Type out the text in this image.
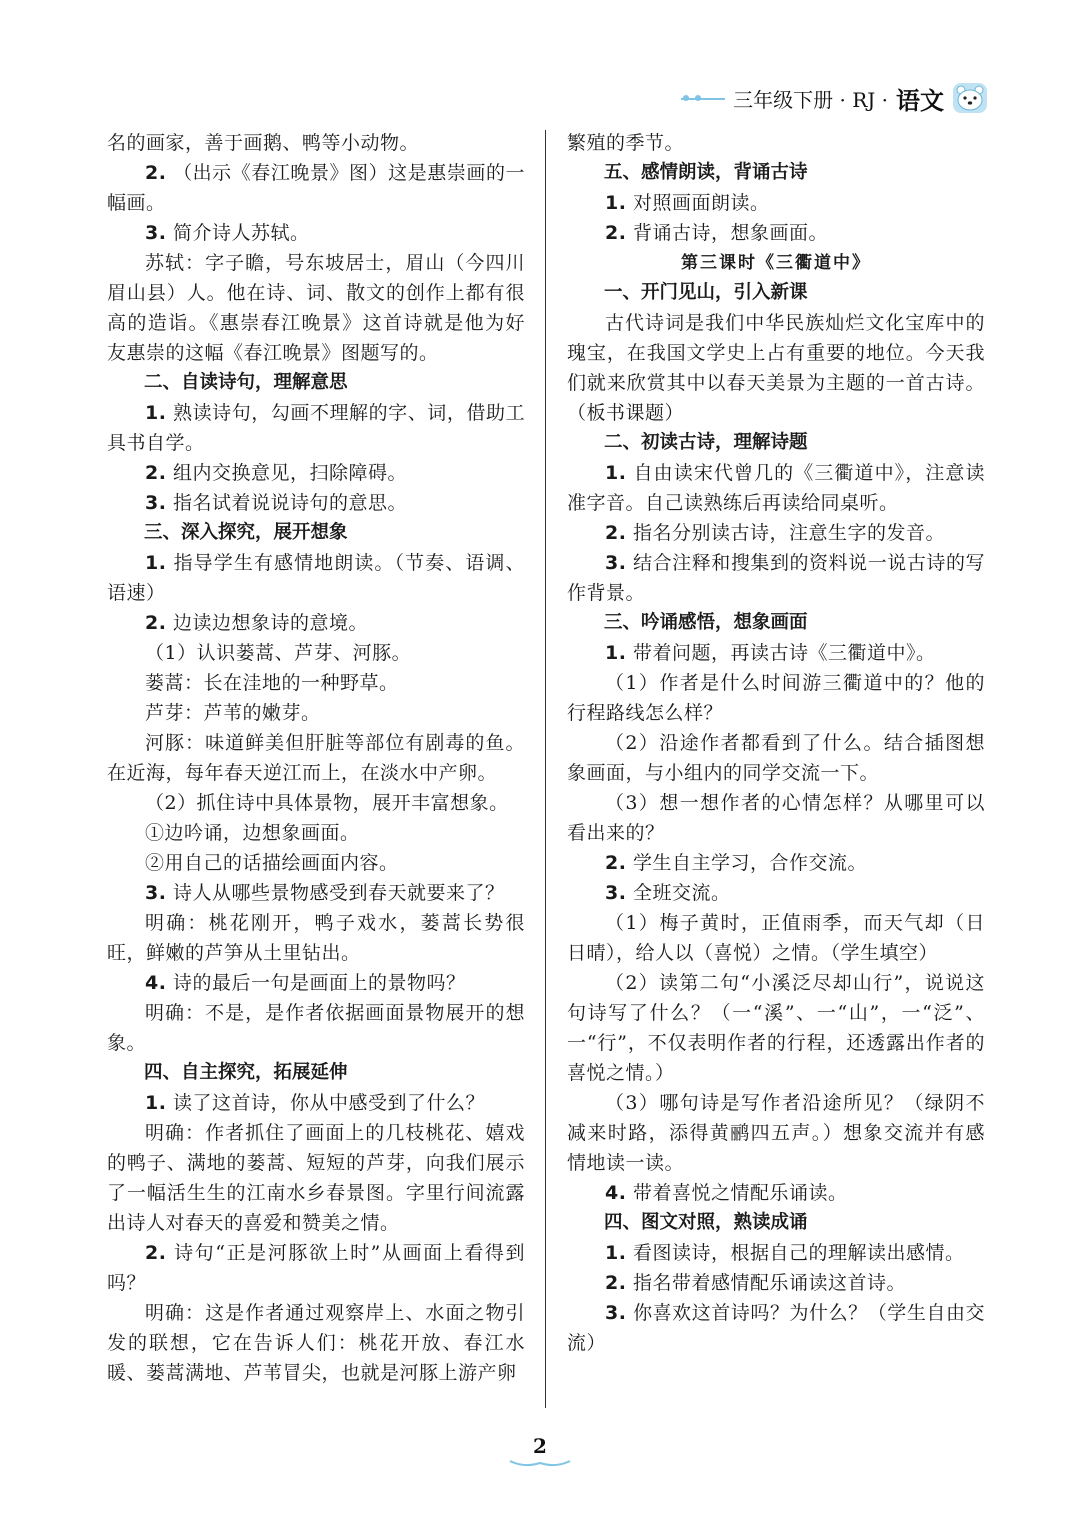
三年级下册 · RJ · 语文

名的画家，善于画鹅、鸭等小动物。

2. （出示《春江晚景》图）这是惠崇画的一幅画。

3. 简介诗人苏轼。

苏轼：字子瞻，号东坡居士，眉山（今四川眉山县）人。他在诗、词、散文的创作上都有很高的造诣。《惠崇春江晚景》这首诗就是他为好友惠崇的这幅《春江晚景》图题写的。

二、自读诗句，理解意思

1. 熟读诗句，勾画不理解的字、词，借助工具书自学。

2. 组内交换意见，扫除障碍。

3. 指名试着说说诗句的意思。

三、深入探究，展开想象

1. 指导学生有感情地朗读。（节奏、语调、语速）

2. 边读边想象诗的意境。

（1）认识蒌蒿、芦芽、河豚。

蒌蒿：长在洼地的一种野草。

芦芽：芦苇的嫩芽。

河豚：味道鲜美但肝脏等部位有剧毒的鱼。在近海，每年春天逆江而上，在淡水中产卵。

（2）抓住诗中具体景物，展开丰富想象。

①边吟诵，边想象画面。

②用自己的话描绘画面内容。

3. 诗人从哪些景物感受到春天就要来了？

明确：桃花刚开，鸭子戏水，蒌蒿长势很旺，鲜嫩的芦笋从土里钻出。

4. 诗的最后一句是画面上的景物吗？

明确：不是，是作者依据画面景物展开的想象。

四、自主探究，拓展延伸

1. 读了这首诗，你从中感受到了什么？

明确：作者抓住了画面上的几枝桃花、嬉戏的鸭子、满地的蒌蒿、短短的芦芽，向我们展示了一幅活生生的江南水乡春景图。字里行间流露出诗人对春天的喜爱和赞美之情。

2. 诗句“正是河豚欲上时”从画面上看得到吗？

明确：这是作者通过观察岸上、水面之物引发的联想，它在告诉人们：桃花开放、春江水暖、蒌蒿满地、芦苇冒尖，也就是河豚上游产卵

繁殖的季节。

五、感情朗读，背诵古诗

1. 对照画面朗读。

2. 背诵古诗，想象画面。

第三课时《三衢道中》

一、开门见山，引入新课

古代诗词是我们中华民族灿烂文化宝库中的瑰宝，在我国文学史上占有重要的地位。今天我们就来欣赏其中以春天美景为主题的一首古诗。（板书课题）

二、初读古诗，理解诗题

1. 自由读宋代曾几的《三衢道中》，注意读准字音。自己读熟练后再读给同桌听。

2. 指名分别读古诗，注意生字的发音。

3. 结合注释和搜集到的资料说一说古诗的写作背景。

三、吟诵感悟，想象画面

1. 带着问题，再读古诗《三衢道中》。

（1）作者是什么时间游三衢道中的？他的行程路线怎么样？

（2）沿途作者都看到了什么。结合插图想象画面，与小组内的同学交流一下。

（3）想一想作者的心情怎样？从哪里可以看出来的？

2. 学生自主学习，合作交流。

3. 全班交流。

（1）梅子黄时，正值雨季，而天气却（日日晴），给人以（喜悦）之情。（学生填空）

（2）读第二句“小溪泛尽却山行”，说说这句诗写了什么？（一“溪”、一“山”，一“泛”、一“行”，不仅表明作者的行程，还透露出作者的喜悦之情。）

（3）哪句诗是写作者沿途所见？（绿阴不减来时路，添得黄鹂四五声。）想象交流并有感情地读一读。

4. 带着喜悦之情配乐诵读。

四、图文对照，熟读成诵

1. 看图读诗，根据自己的理解读出感情。

2. 指名带着感情配乐诵读这首诗。

3. 你喜欢这首诗吗？为什么？（学生自由交流）

2
